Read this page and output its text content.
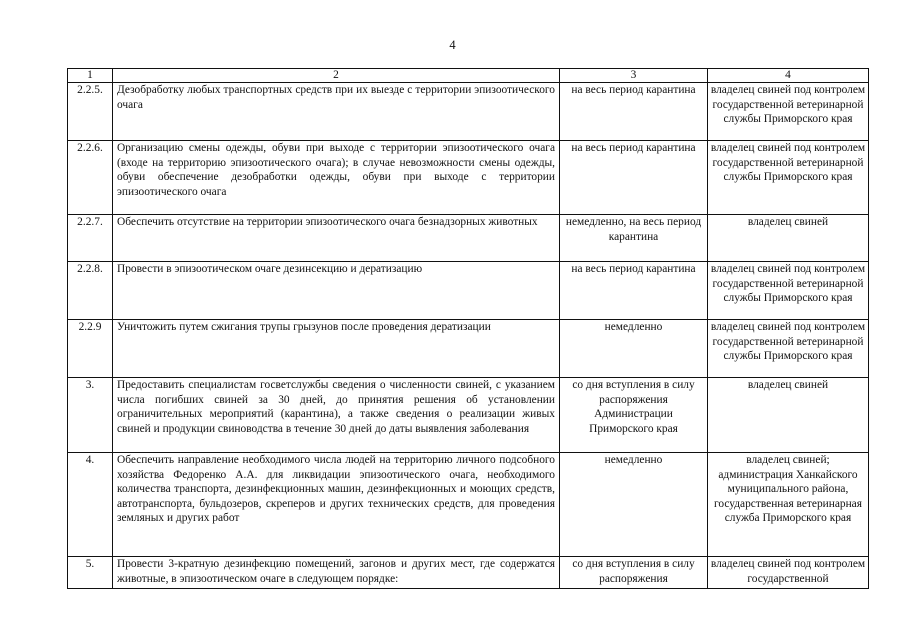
4
1	2	3	4
2.2.5.	Дезобработку любых транспортных средств при их выезде с территории эпизоотического очага	на весь период карантина	владелец свиней под контролем государственной ветеринарной службы Приморского края
2.2.6.	Организацию смены одежды, обуви при выходе с территории эпизоотического очага (входе на территорию эпизоотического очага); в случае невозможности смены одежды, обуви обеспечение дезобработки одежды, обуви при выходе с территории эпизоотического очага	на весь период карантина	владелец свиней под контролем государственной ветеринарной службы Приморского края
2.2.7.	Обеспечить отсутствие на территории эпизоотического очага безнадзорных животных	немедленно, на весь период карантина	владелец свиней
2.2.8.	Провести в эпизоотическом очаге дезинсекцию и дератизацию	на весь период карантина	владелец свиней под контролем государственной ветеринарной службы Приморского края
2.2.9	Уничтожить путем сжигания трупы грызунов после проведения дератизации	немедленно	владелец свиней под контролем государственной ветеринарной службы Приморского края
3.	Предоставить специалистам госветслужбы сведения о численности свиней, с указанием числа погибших свиней за 30 дней, до принятия решения об установлении ограничительных мероприятий (карантина), а также сведения о реализации живых свиней и продукции свиноводства в течение 30 дней до даты выявления заболевания	со дня вступления в силу распоряжения Администрации Приморского края	владелец свиней
4.	Обеспечить направление необходимого числа людей на территорию личного подсобного хозяйства Федоренко А.А. для ликвидации эпизоотического очага, необходимого количества транспорта, дезинфекционных машин, дезинфекционных и моющих средств, автотранспорта, бульдозеров, скреперов и других технических средств, для проведения земляных и других работ	немедленно	владелец свиней; администрация Ханкайского муниципального района, государственная ветеринарная служба Приморского края
5.	Провести 3-кратную дезинфекцию помещений, загонов и других мест, где содержатся животные, в эпизоотическом очаге в следующем порядке:	со дня вступления в силу распоряжения	владелец свиней под контролем государственной
